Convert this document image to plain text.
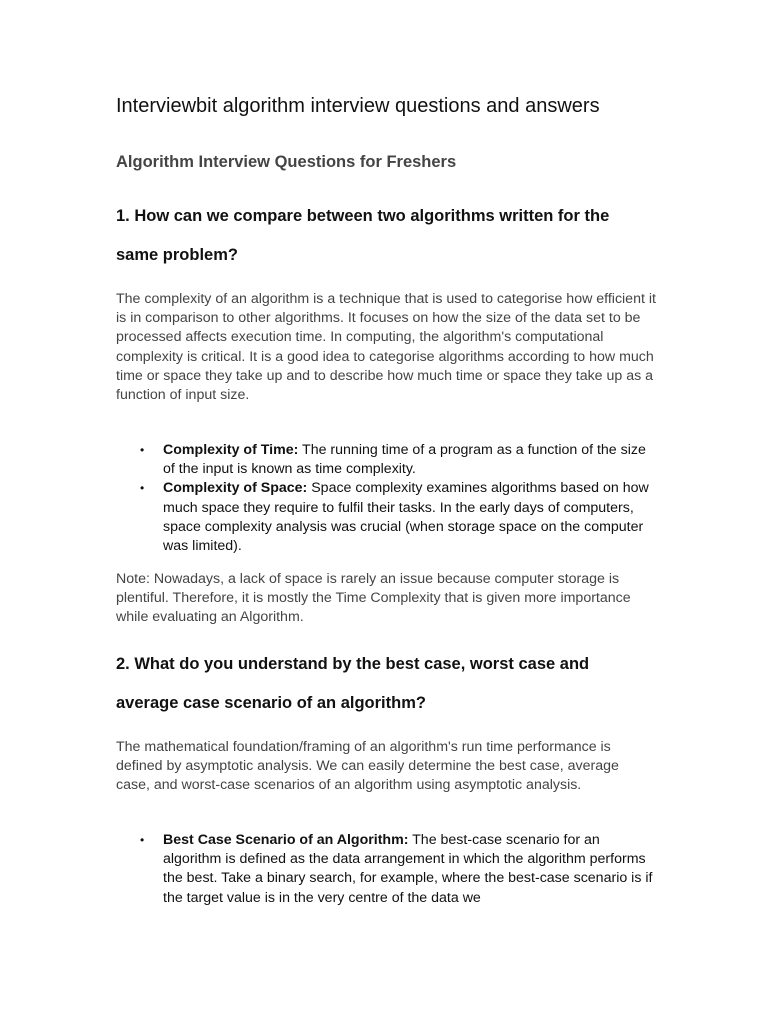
Interviewbit algorithm interview questions and answers
Algorithm Interview Questions for Freshers
1. How can we compare between two algorithms written for the same problem?

The complexity of an algorithm is a technique that is used to categorise how efficient it is in comparison to other algorithms. It focuses on how the size of the data set to be processed affects execution time. In computing, the algorithm's computational complexity is critical. It is a good idea to categorise algorithms according to how much time or space they take up and to describe how much time or space they take up as a function of input size.

• Complexity of Time: The running time of a program as a function of the size of the input is known as time complexity.
• Complexity of Space: Space complexity examines algorithms based on how much space they require to fulfil their tasks. In the early days of computers, space complexity analysis was crucial (when storage space on the computer was limited).

Note: Nowadays, a lack of space is rarely an issue because computer storage is plentiful. Therefore, it is mostly the Time Complexity that is given more importance while evaluating an Algorithm.

2. What do you understand by the best case, worst case and average case scenario of an algorithm?

The mathematical foundation/framing of an algorithm's run time performance is defined by asymptotic analysis. We can easily determine the best case, average case, and worst-case scenarios of an algorithm using asymptotic analysis.

• Best Case Scenario of an Algorithm: The best-case scenario for an algorithm is defined as the data arrangement in which the algorithm performs the best. Take a binary search, for example, where the best-case scenario is if the target value is in the very centre of the data we
